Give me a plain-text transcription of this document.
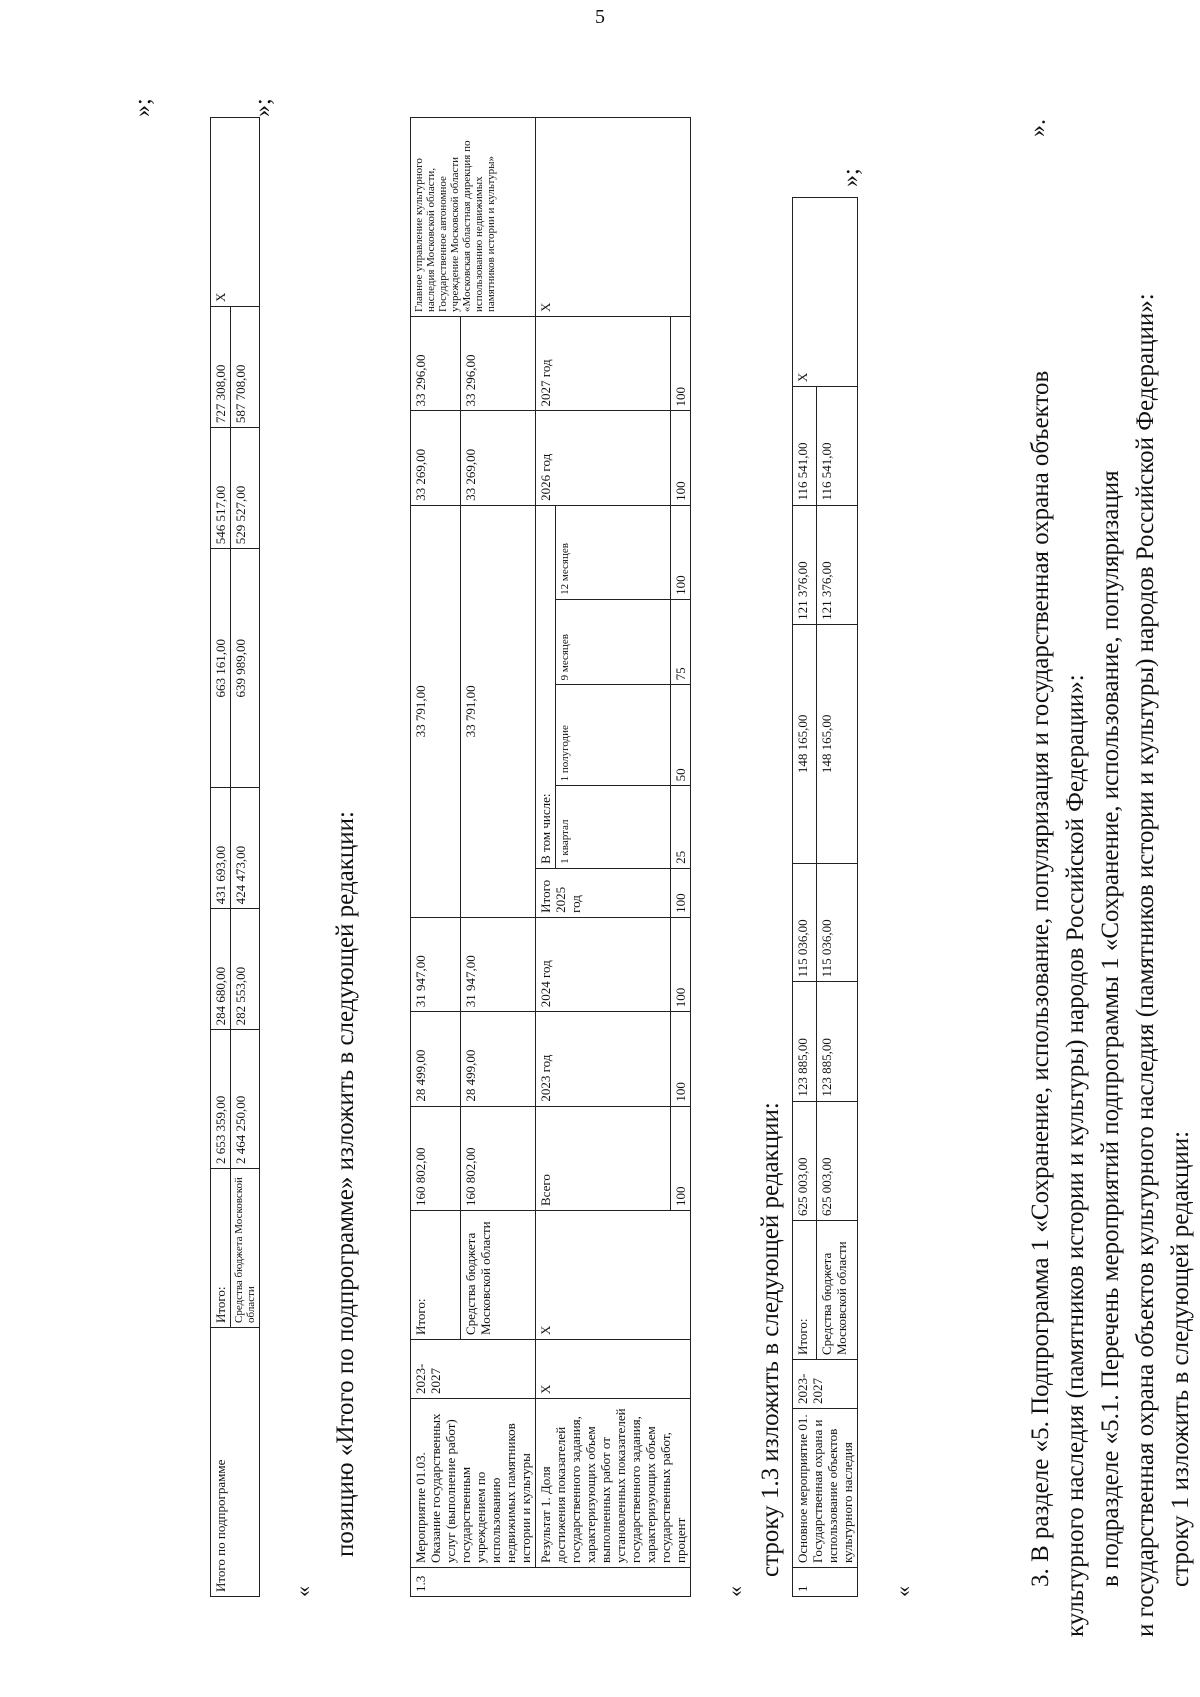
5
3. В разделе «5. Подпрограмма 1 «Сохранение, использование, популяризация и государственная охрана объектов культурного наследия (памятников истории и культуры) народов Российской Федерации»: в подразделе «5.1. Перечень мероприятий подпрограммы 1 «Сохранение, использование, популяризация и государственная охрана объектов культурного наследия (памятников истории и культуры) народов Российской Федерации»: строку 1 изложить в следующей редакции:
».
«
1	Основное мероприятие 01. Государственная охрана и использование объектов культурного наследия	2023-2027	Итого:	625 003,00	123 885,00	115 036,00	148 165,00	121 376,00	116 541,00	X
			Средства бюджета Московской области	625 003,00	123 885,00	115 036,00	148 165,00	121 376,00	116 541,00	
»;
строку 1.3 изложить в следующей редакции:
«
1.3	Мероприятие 01.03. Оказание государственных услуг (выполнение работ) государственным учреждением по использованию недвижимых памятников истории и культуры	2023-2027	Итого:	160 802,00	28 499,00	31 947,00	33 791,00					33 269,00	33 296,00	Главное управление культурного наследия Московской области, Государственное автономное учреждение Московской области «Московская областная дирекция по использованию недвижимых памятников истории и культуры»
			Средства бюджета Московской области	160 802,00	28 499,00	31 947,00	33 791,00					33 269,00	33 296,00	
	Результат 1. Доля достижения показателей государственного задания, характеризующих объем выполненных работ от установленных показателей государственного задания, характеризующих объем государственных работ, процент	X	X	Всего	2023 год	2024 год	Итого 2025 год	В том числе:				2026 год	2027 год	X
								1 квартал	1 полугодие	9 месяцев	12 месяцев			

				100	100	100	100	25	50	75	100	100	100	
»;
позицию «Итого по подпрограмме» изложить в следующей редакции:
«
Итого по подпрограмме	Итого:	2 653 359,00	284 680,00	431 693,00	663 161,00	546 517,00	727 308,00	X
	Средства бюджета Московской области	2 464 250,00	282 553,00	424 473,00	639 989,00	529 527,00	587 708,00	
»;
